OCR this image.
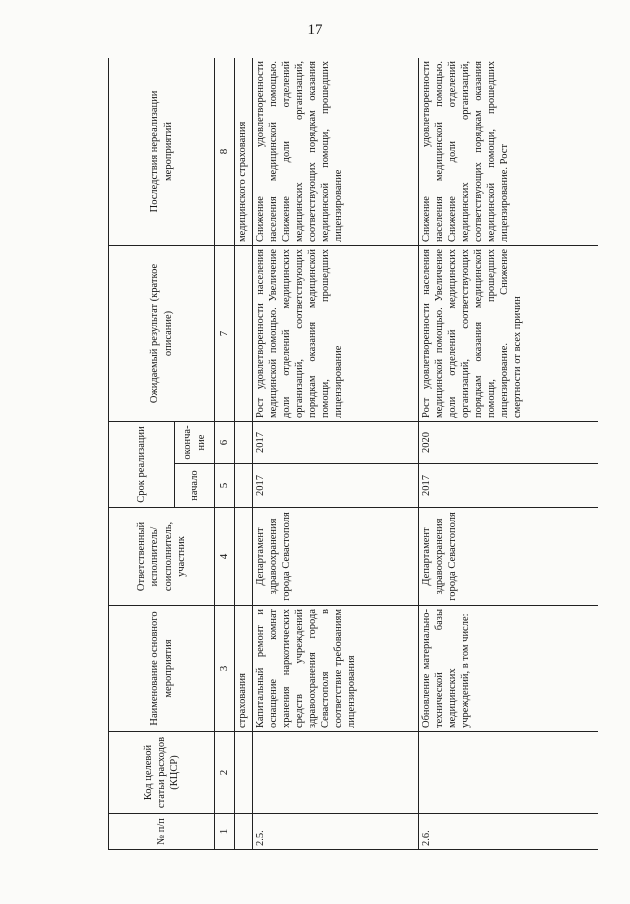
17
№ п/п	Код целевой статьи расходов (КЦСР)	Наименование основного мероприятия	Ответственный исполнитель/ соисполнитель, участник	Срок реализации		Ожидаемый результат (краткое описание)	Последствия нереализации мероприятий
				начало	оконча-ние		
1	2	3	4	5	6	7	8
		страхования					медицинского страхования
2.5.		Капитальный ремонт и оснащение комнат хранения наркотических средств учреждений здравоохранения города Севастополя в соответствие требованиям лицензирования	Департамент здравоохранения города Севастополя	2017	2017	Рост удовлетворенности населения медицинской помощью. Увеличение доли отделений медицинских организаций, соответствующих порядкам оказания медицинской помощи, прошедших лицензирование	Снижение удовлетворенности населения медицинской помощью. Снижение доли отделений медицинских организаций, соответствующих порядкам оказания медицинской помощи, прошедших лицензирование
2.6.		Обновление материально-технической базы медицинских учреждений, в том числе:	Департамент здравоохранения города Севастополя	2017	2020	Рост удовлетворенности населения медицинской помощью. Увеличение доли отделений медицинских организаций, соответствующих порядкам оказания медицинской помощи, прошедших лицензирование. Снижение смертности от всех причин	Снижение удовлетворенности населения медицинской помощью. Снижение доли отделений медицинских организаций, соответствующих порядкам оказания медицинской помощи, прошедших лицензирование. Рост
